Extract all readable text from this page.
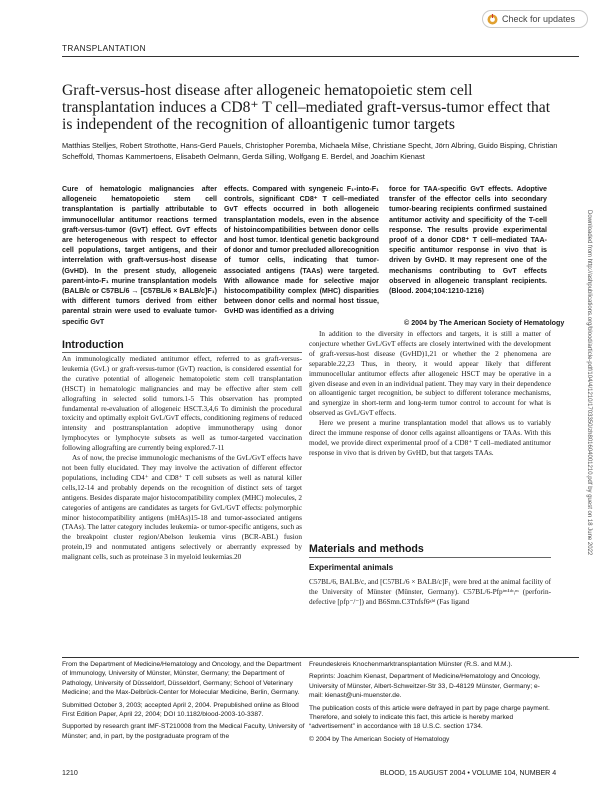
Check for updates
TRANSPLANTATION
Graft-versus-host disease after allogeneic hematopoietic stem cell transplantation induces a CD8⁺ T cell–mediated graft-versus-tumor effect that is independent of the recognition of alloantigenic tumor targets
Matthias Stelljes, Robert Strothotte, Hans-Gerd Pauels, Christopher Poremba, Michaela Milse, Christiane Specht, Jörn Albring, Guido Bisping, Christian Scheffold, Thomas Kammertoens, Elisabeth Oelmann, Gerda Silling, Wolfgang E. Berdel, and Joachim Kienast
Cure of hematologic malignancies after allogeneic hematopoietic stem cell transplantation is partially attributable to immunocellular antitumor reactions termed graft-versus-tumor (GvT) effect. GvT effects are heterogeneous with respect to effector cell populations, target antigens, and their interrelation with graft-versus-host disease (GvHD). In the present study, allogeneic parent-into-F₁ murine transplantation models (BALB/c or C57BL/6 → [C57BL/6 × BALB/c]F₁) with different tumors derived from either parental strain were used to evaluate tumor-specific GvT
effects. Compared with syngeneic F₁-into-F₁ controls, significant CD8⁺ T cell–mediated GvT effects occurred in both allogeneic transplantation models, even in the absence of histoincompatibilities between donor cells and host tumor. Identical genetic background of donor and tumor precluded allorecognition of tumor cells, indicating that tumor-associated antigens (TAAs) were targeted. With allowance made for selective major histocompatibility complex (MHC) disparities between donor cells and normal host tissue, GvHD was identified as a driving
force for TAA-specific GvT effects. Adoptive transfer of the effector cells into secondary tumor-bearing recipients confirmed sustained antitumor activity and specificity of the T-cell response. The results provide experimental proof of a donor CD8⁺ T cell–mediated TAA-specific antitumor response in vivo that is driven by GvHD. It may represent one of the mechanisms contributing to GvT effects observed in allogeneic transplant recipients. (Blood. 2004;104:1210-1216)
© 2004 by The American Society of Hematology
Introduction

An immunologically mediated antitumor effect, referred to as graft-versus-leukemia (GvL) or graft-versus-tumor (GvT) reaction, is considered essential for the curative potential of allogeneic hematopoietic stem cell transplantation (HSCT) in hematologic malignancies and may be effective after stem cell allografting in selected solid tumors.1-5 This observation has prompted fundamental re-evaluation of allogeneic HSCT.3,4,6 To diminish the procedural toxicity and optimally exploit GvL/GvT effects, conditioning regimens of reduced intensity and posttransplantation adoptive immunotherapy using donor lymphocytes or lymphocyte subsets as well as tumor-targeted vaccination following allografting are currently being explored.7-11

As of now, the precise immunologic mechanisms of the GvL/GvT effects have not been fully elucidated. They may involve the activation of different effector populations, including CD4⁺ and CD8⁺ T cell subsets as well as natural killer cells,12-14 and probably depends on the recognition of distinct sets of target antigens. Besides disparate major histocompatibility complex (MHC) molecules, 2 categories of antigens are candidates as targets for GvL/GvT effects: polymorphic minor histocompatibility antigens (mHAs)15-18 and tumor-associated antigens (TAAs). The latter category includes leukemia- or tumor-specific antigens, such as the breakpoint cluster region/Abelson leukemia virus (BCR-ABL) fusion protein,19 and nonmutated antigens selectively or aberrantly expressed by malignant cells, such as proteinase 3 in myeloid leukemias.20

In addition to the diversity in effectors and targets, it is still a matter of conjecture whether GvL/GvT effects are closely intertwined with the development of graft-versus-host disease (GvHD)1,21 or whether the 2 phenomena are separable.22,23 Thus, in theory, it would appear likely that different immunocellular antitumor effects after allogeneic HSCT may be operative in a given disease and even in an individual patient. They may vary in their dependence on alloantigenic target recognition, be subject to different tolerance mechanisms, and synergize in short-term and long-term tumor control to account for what is observed as GvL/GvT effects.

Here we present a murine transplantation model that allows us to variably direct the immune response of donor cells against alloantigens or TAAs. With this model, we provide direct experimental proof of a CD8⁺ T cell–mediated antitumor response in vivo that is driven by GvHD, but that targets TAAs.

Materials and methods
Experimental animals

C57BL/6, BALB/c, and [C57BL/6 × BALB/c]F₁ were bred at the animal facility of the University of Münster (Münster, Germany). C57BL/6-Pfpᵗᵐ¹ᵈᶜᵢᵐ (perforin-defective [pfp⁻/⁻]) and B6Smn.C3Tnfsf6ᵍˡᵈ (Fas ligand

From the Department of Medicine/Hematology and Oncology, and the Department of Immunology, University of Münster, Münster, Germany; the Department of Pathology, University of Düsseldorf, Düsseldorf, Germany; School of Veterinary Medicine; and the Max-Delbrück-Center for Molecular Medicine, Berlin, Germany.

Submitted October 3, 2003; accepted April 2, 2004. Prepublished online as Blood First Edition Paper, April 22, 2004; DOI 10.1182/blood-2003-10-3387.

Supported by research grant IMF-ST210008 from the Medical Faculty, University of Münster; and, in part, by the postgraduate program of the

Freundeskreis Knochenmarktransplantation Münster (R.S. and M.M.).

Reprints: Joachim Kienast, Department of Medicine/Hematology and Oncology, University of Münster, Albert-Schweitzer-Str 33, D-48129 Münster, Germany; e-mail: kienast@uni-muenster.de.

The publication costs of this article were defrayed in part by page charge payment. Therefore, and solely to indicate this fact, this article is hereby marked “advertisement” in accordance with 18 U.S.C. section 1734.

© 2004 by The American Society of Hematology

1210	BLOOD, 15 AUGUST 2004 • VOLUME 104, NUMBER 4
Downloaded from http://ashpublications.org/blood/article-pdf/104/4/1210/1703350/zh801604001210.pdf by guest on 18 June 2022
